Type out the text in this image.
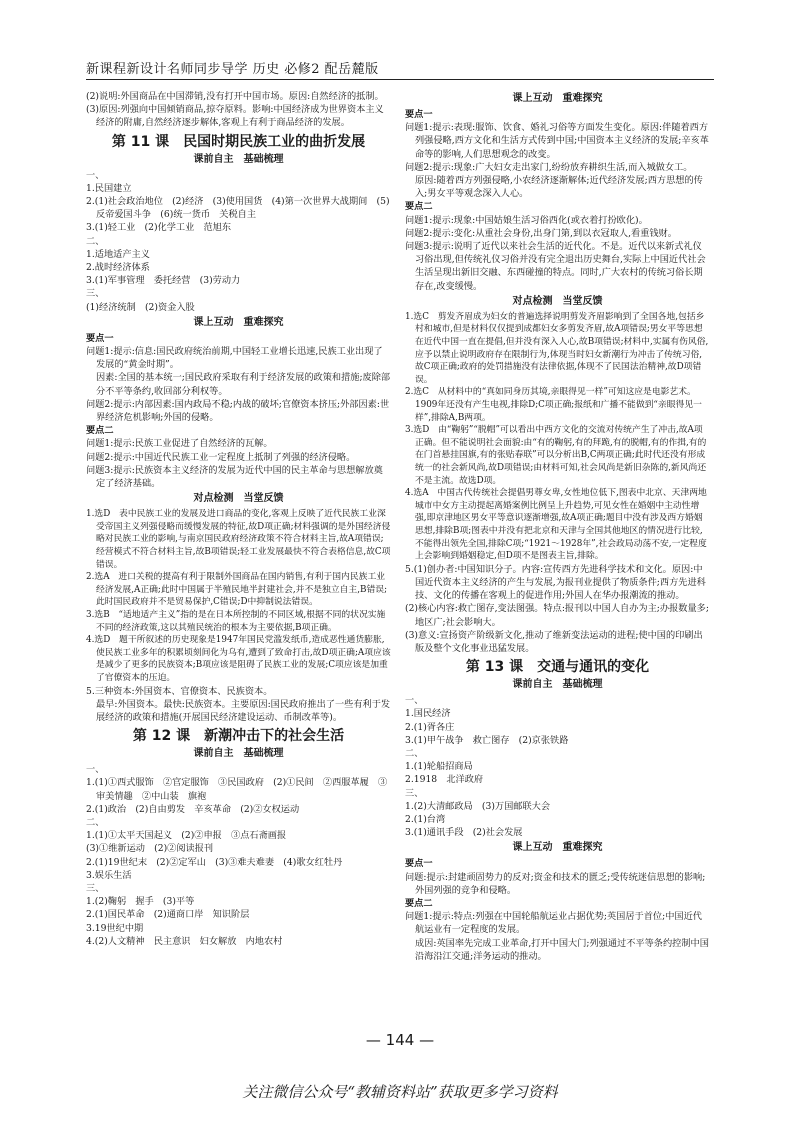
新课程新设计名师同步导学 历史 必修2 配岳麓版

(2)说明:外国商品在中国滞销,没有打开中国市场。原因:自然经济的抵制。

(3)原因:列强向中国倾销商品,掠夺原料。影响:中国经济成为世界资本主义经济的附庸,自然经济逐步解体,客观上有利于商品经济的发展。

第 11 课　民国时期民族工业的曲折发展
课前自主　基础梳理

一、

1.民国建立

2.(1)社会政治地位　(2)经济　(3)使用国货　(4)第一次世界大战期间　(5)反帝爱国斗争　(6)统一货币　关税自主

3.(1)轻工业　(2)化学工业　范旭东

二、

1.适地适产主义

2.战时经济体系

3.(1)军事管理　委托经营　(3)劳动力

三、

(1)经济统制　(2)资金入股

课上互动　重难探究

要点一

问题1:提示:信息:国民政府统治前期,中国轻工业增长迅速,民族工业出现了发展的“黄金时期”。

因素:全国的基本统一;国民政府采取有利于经济发展的政策和措施;废除部分不平等条约,收回部分利权等。

问题2:提示:内部因素:国内政局不稳;内战的破坏;官僚资本挤压;外部因素:世界经济危机影响;外国的侵略。

要点二

问题1:提示:民族工业促进了自然经济的瓦解。

问题2:提示:中国近代民族工业一定程度上抵制了列强的经济侵略。

问题3:提示:民族资本主义经济的发展为近代中国的民主革命与思想解放奠定了经济基础。

对点检测　当堂反馈

1.选D　表中民族工业的发展及进口商品的变化,客观上反映了近代民族工业深受帝国主义列强侵略而缓慢发展的特征,故D项正确;材料强调的是外国经济侵略对民族工业的影响,与南京国民政府经济政策不符合材料主旨,故A项错误;经营模式不符合材料主旨,故B项错误;轻工业发展最快不符合表格信息,故C项错误。

2.选A　进口关税的提高有利于限制外国商品在国内销售,有利于国内民族工业经济发展,A正确;此时中国属于半殖民地半封建社会,并不是独立自主,B错误;此时国民政府并不是贸易保护,C错误;D中抑制说法错误。

3.选B　“适地适产主义”指的是在日本所控制的不同区域,根据不同的状况实施不同的经济政策,这以其殖民统治的根本为主要依据,B项正确。

4.选D　题干所叙述的历史现象是1947年国民党滥发纸币,造成恶性通货膨胀,使民族工业多年的积累顷刻间化为乌有,遭到了致命打击,故D项正确;A项应该是减少了更多的民族资本;B项应该是阻碍了民族工业的发展;C项应该是加重了官僚资本的压迫。

5.三种资本:外国资本、官僚资本、民族资本。

最早:外国资本。最快:民族资本。主要原因:国民政府推出了一些有利于发展经济的政策和措施(开展国民经济建设运动、币制改革等)。

第 12 课　新潮冲击下的社会生活
课前自主　基础梳理

一、

1.(1)①西式服饰　②官定服饰　③民国政府　(2)①民间　②西服革履　③审美情趣　②中山装　旗袍

2.(1)政治　(2)自由剪发　辛亥革命　(2)②女权运动

二、

1.(1)①太平天国起义　(2)②申报　③点石斋画报

(3)①维新运动　(2)②阅读报刊

2.(1)19世纪末　(2)②定军山　(3)③难夫难妻　(4)歌女红牡丹

3.娱乐生活

三、

1.(2)鞠躬　握手　(3)平等

2.(1)国民革命　(2)通商口岸　知识阶层

3.19世纪中期

4.(2)人文精神　民主意识　妇女解放　内地农村

课上互动　重难探究

要点一

问题1:提示:表现:服饰、饮食、婚礼习俗等方面发生变化。原因:伴随着西方列强侵略,西方文化和生活方式传到中国;中国资本主义经济的发展;辛亥革命等的影响,人们思想观念的改变。

问题2:提示:现象:广大妇女走出家门,纷纷放弃耕织生活,而入城做女工。

原因:随着西方列强侵略,小农经济逐渐解体;近代经济发展;西方思想的传入;男女平等观念深入人心。

要点二

问题1:提示:现象:中国姑娘生活习俗西化(或衣着打扮欧化)。

问题2:提示:变化:从重社会身份,出身门第,到以衣冠取人,看重钱财。

问题3:提示:说明了近代以来社会生活的近代化。不是。近代以来新式礼仪习俗出现,但传统礼仪习俗并没有完全退出历史舞台,实际上中国近代社会生活呈现出新旧交融、东西碰撞的特点。同时,广大农村的传统习俗长期存在,改变缓慢。

对点检测　当堂反馈

1.选C　剪发齐眉成为妇女的普遍选择说明剪发齐眉影响到了全国各地,包括乡村和城市,但是材料仅仅提到成都妇女多剪发齐眉,故A项错误;男女平等思想在近代中国一直在提倡,但并没有深入人心,故B项错误;材料中,实属有伤风俗,应予以禁止说明政府存在限制行为,体现当时妇女新潮行为冲击了传统习俗,故C项正确;政府的处罚措施没有法律依据,体现不了民国法治精神,故D项错误。

2.选C　从材料中的“真如同身历其境,亲眼得见一样”可知这应是电影艺术。1909年还没有产生电视,排除D;C项正确;报纸和广播不能做到“亲眼得见一样”,排除A,B两项。

3.选D　由“鞠躬”“脱帽”可以看出中西方文化的交流对传统产生了冲击,故A项正确。但不能说明社会面貌:由“有的鞠躬,有的拜跪,有的脱帽,有的作揖,有的在门首悬挂国旗,有的张贴春联”可以分析出B,C两项正确;此时代还没有形成统一的社会新风尚,故D项错误;由材料可知,社会风尚是新旧杂陈的,新风尚还不是主流。故选D项。

4.选A　中国古代传统社会提倡男尊女卑,女性地位低下,图表中北京、天津两地城市中女方主动提起离婚案例比例呈上升趋势,可见女性在婚姻中主动性增强,即京津地区男女平等意识逐渐增强,故A项正确;题目中没有涉及西方婚姻思想,排除B项;图表中并没有把北京和天津与全国其他地区的情况进行比较,不能得出领先全国,排除C项;“1921～1928年”,社会政局动荡不安,一定程度上会影响到婚姻稳定,但D项不是图表主旨,排除。

5.(1)创办者:中国知识分子。内容:宣传西方先进科学技术和文化。原因:中国近代资本主义经济的产生与发展,为报刊业提供了物质条件;西方先进科技、文化的传播在客观上的促进作用;外国人在华办报潮流的推动。

(2)核心内容:救亡图存,变法图强。特点:报刊以中国人自办为主;办报数量多;地区广;社会影响大。

(3)意义:宣扬资产阶级新文化,推动了维新变法运动的进程;使中国的印刷出版及整个文化事业迅猛发展。

第 13 课　交通与通讯的变化
课前自主　基础梳理

一、

1.国民经济

2.(1)胥各庄

3.(1)甲午战争　救亡图存　(2)京张铁路

二、

1.(1)轮船招商局

2.1918　北洋政府

三、

1.(2)大清邮政局　(3)万国邮联大会

2.(1)台湾

3.(1)通讯手段　(2)社会发展

课上互动　重难探究

要点一

问题:提示:封建顽固势力的反对;资金和技术的匮乏;受传统迷信思想的影响;外国列强的竞争和侵略。

要点二

问题1:提示:特点:列强在中国轮船航运业占据优势;英国居于首位;中国近代航运业有一定程度的发展。

成因:英国率先完成工业革命,打开中国大门;列强通过不平等条约控制中国沿海沿江交通;洋务运动的推动。

— 144 —
关注微信公众号“教辅资料站”获取更多学习资料
